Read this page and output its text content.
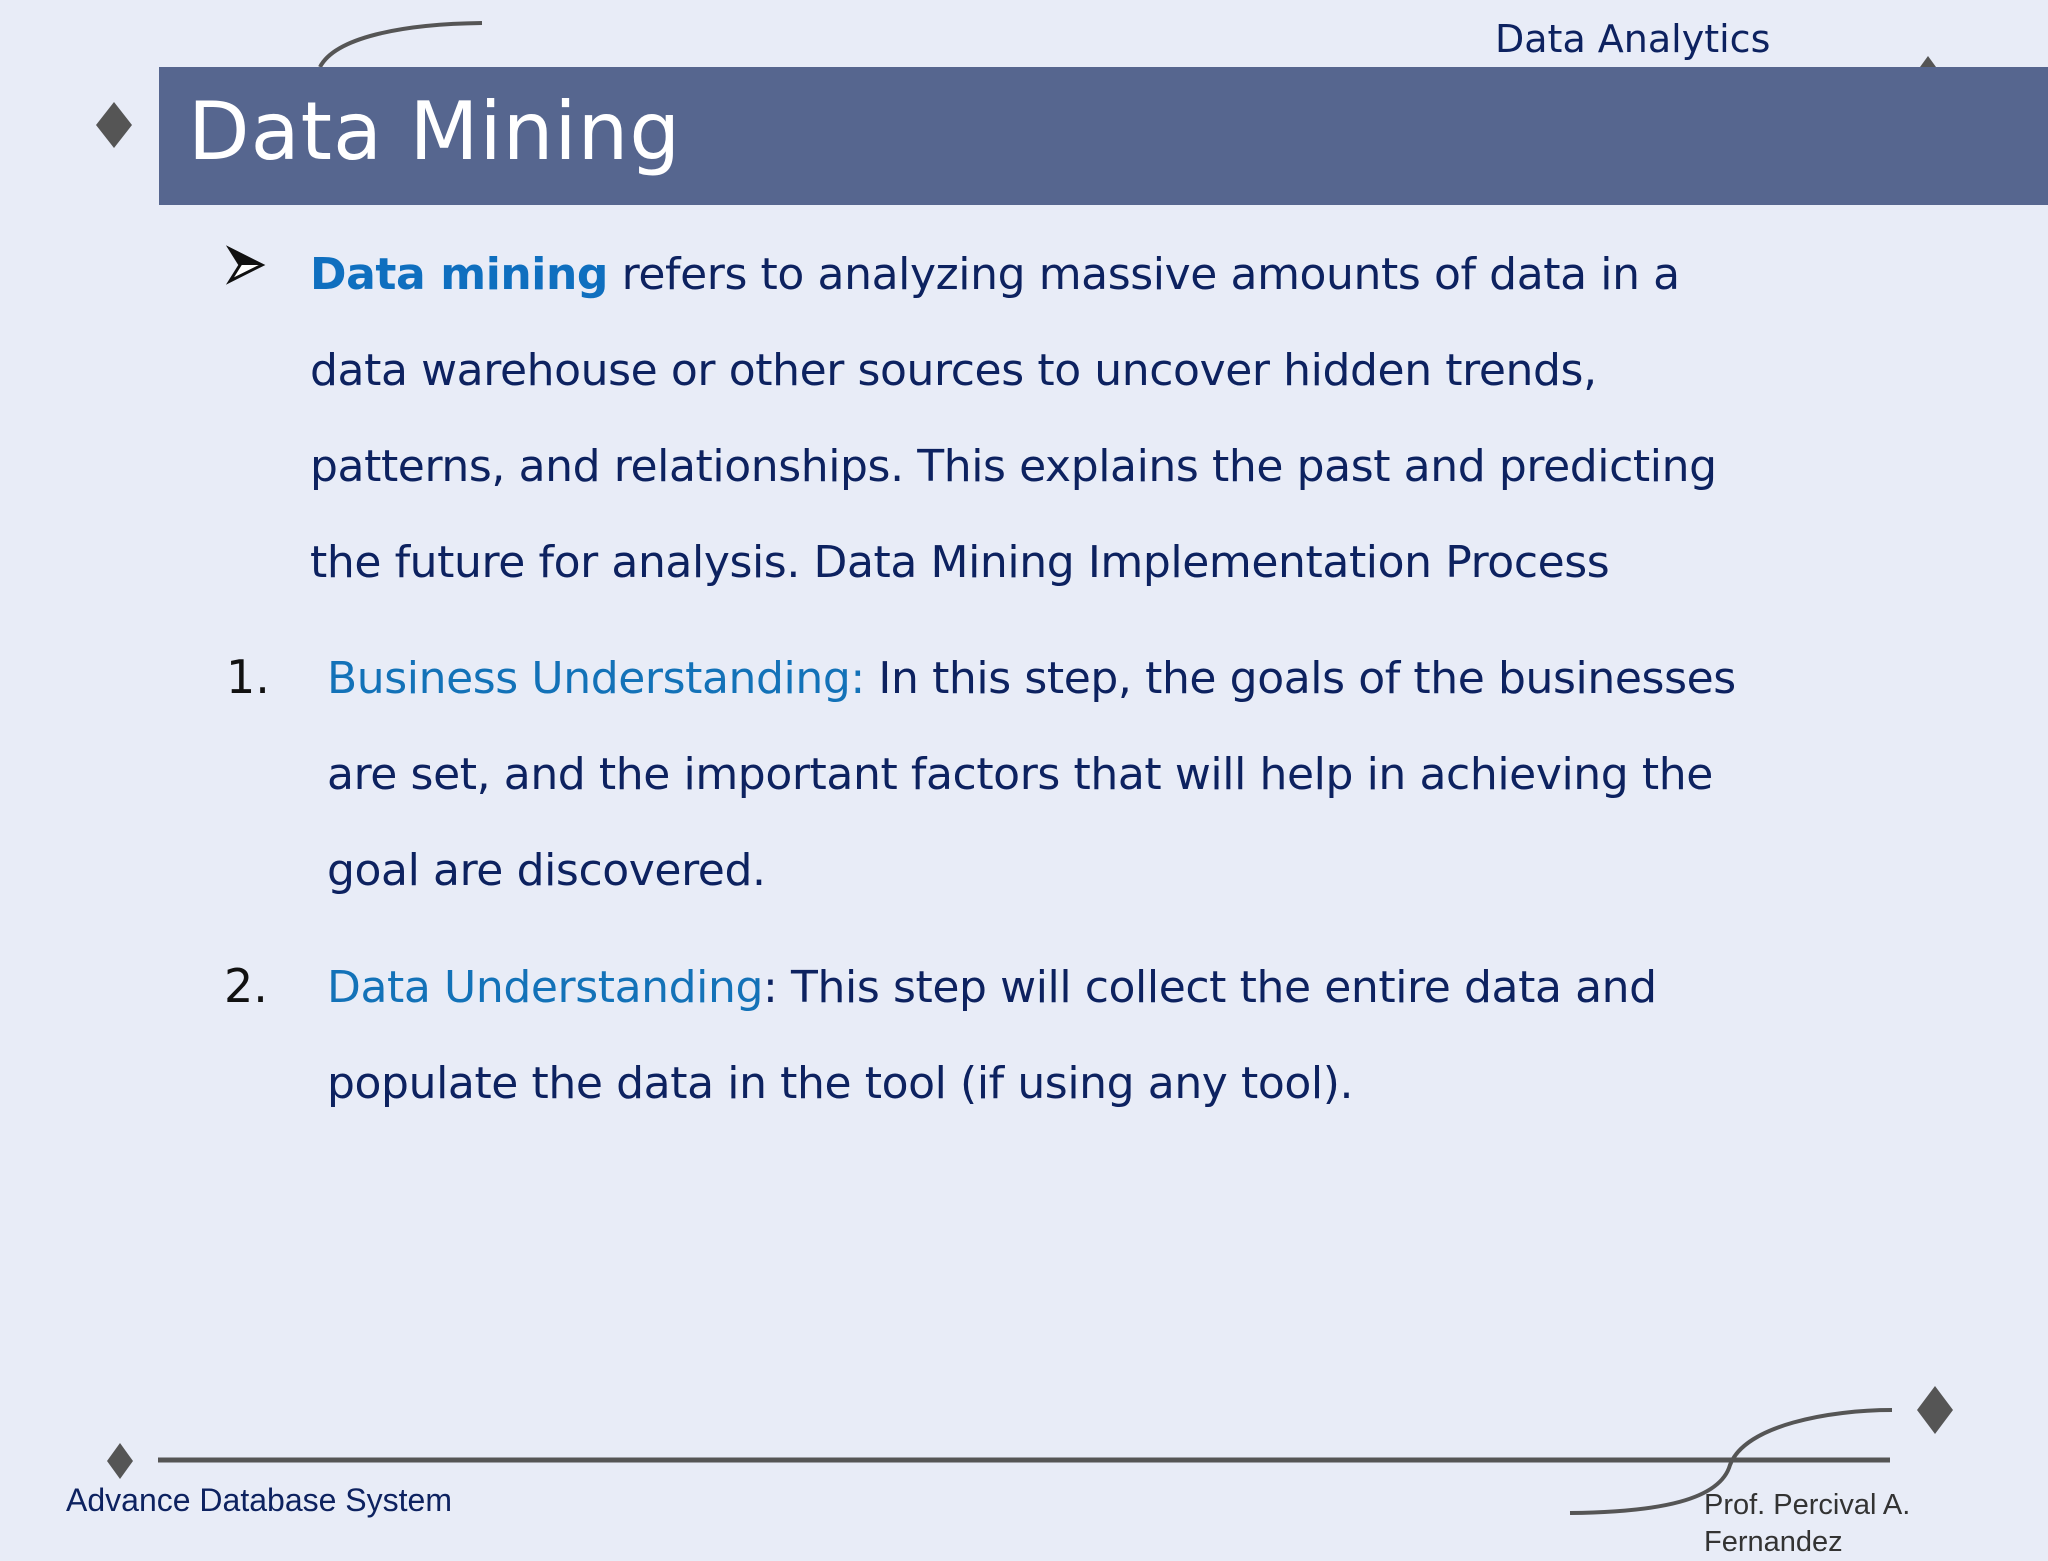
Data Analytics
Data Mining
Data mining refers to analyzing massive amounts of data in a
data warehouse or other sources to uncover hidden trends,
patterns, and relationships. This explains the past and predicting
the future for analysis. Data Mining Implementation Process
1. Business Understanding: In this step, the goals of the businesses
are set, and the important factors that will help in achieving the
goal are discovered.
2. Data Understanding: This step will collect the entire data and
populate the data in the tool (if using any tool).
Advance Database System	Prof. Percival A. Fernandez
